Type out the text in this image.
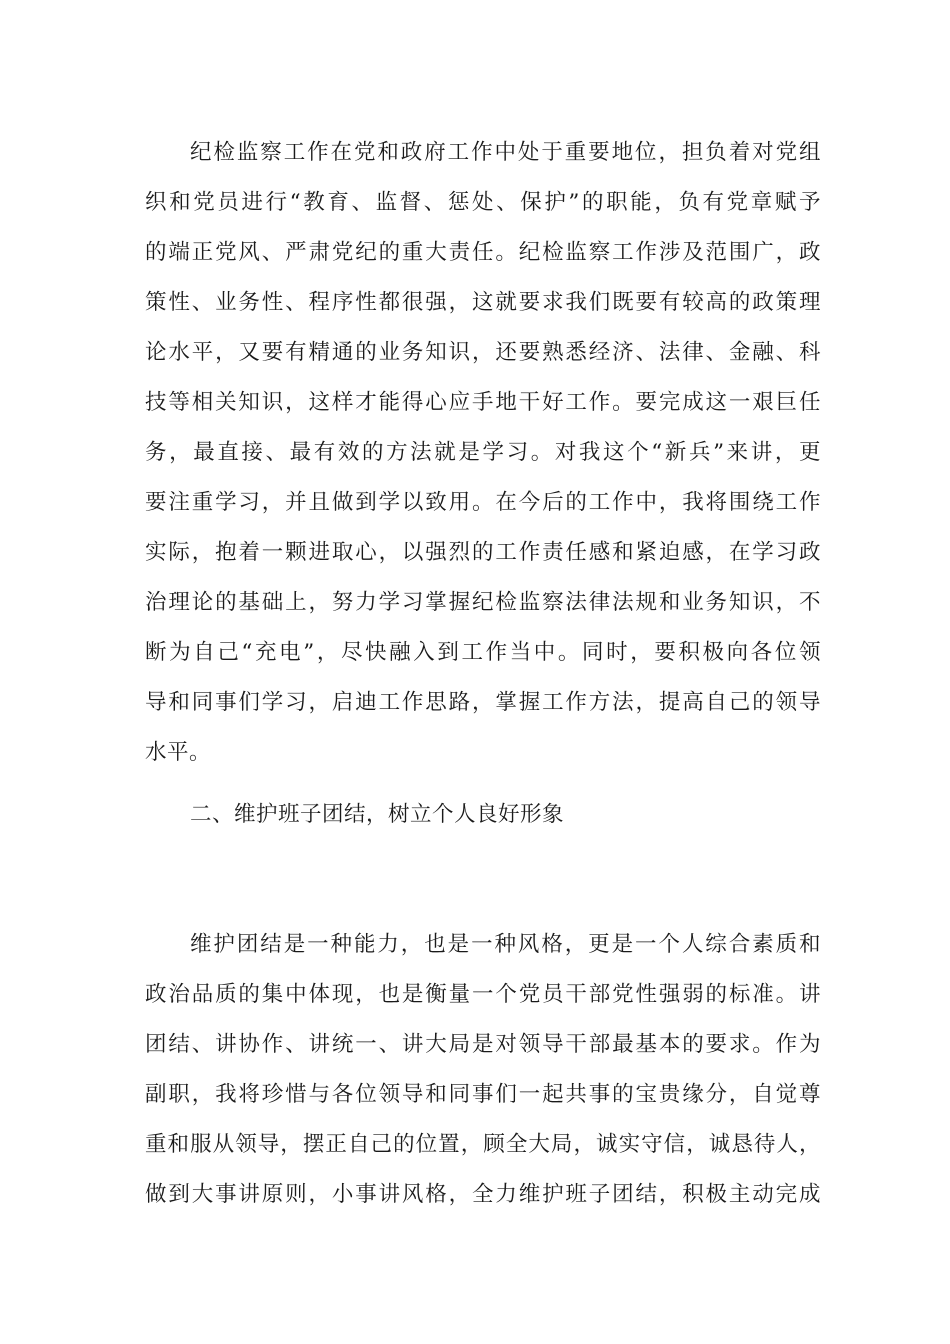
纪检监察工作在党和政府工作中处于重要地位，担负着对党组
织和党员进行“教育、监督、惩处、保护”的职能，负有党章赋予
的端正党风、严肃党纪的重大责任。纪检监察工作涉及范围广，政
策性、业务性、程序性都很强，这就要求我们既要有较高的政策理
论水平，又要有精通的业务知识，还要熟悉经济、法律、金融、科
技等相关知识，这样才能得心应手地干好工作。要完成这一艰巨任
务，最直接、最有效的方法就是学习。对我这个“新兵”来讲，更
要注重学习，并且做到学以致用。在今后的工作中，我将围绕工作
实际，抱着一颗进取心，以强烈的工作责任感和紧迫感，在学习政
治理论的基础上，努力学习掌握纪检监察法律法规和业务知识，不
断为自己“充电”，尽快融入到工作当中。同时，要积极向各位领
导和同事们学习，启迪工作思路，掌握工作方法，提高自己的领导
水平。
二、维护班子团结，树立个人良好形象
维护团结是一种能力，也是一种风格，更是一个人综合素质和
政治品质的集中体现，也是衡量一个党员干部党性强弱的标准。讲
团结、讲协作、讲统一、讲大局是对领导干部最基本的要求。作为
副职，我将珍惜与各位领导和同事们一起共事的宝贵缘分，自觉尊
重和服从领导，摆正自己的位置，顾全大局，诚实守信，诚恳待人，
做到大事讲原则，小事讲风格，全力维护班子团结，积极主动完成
